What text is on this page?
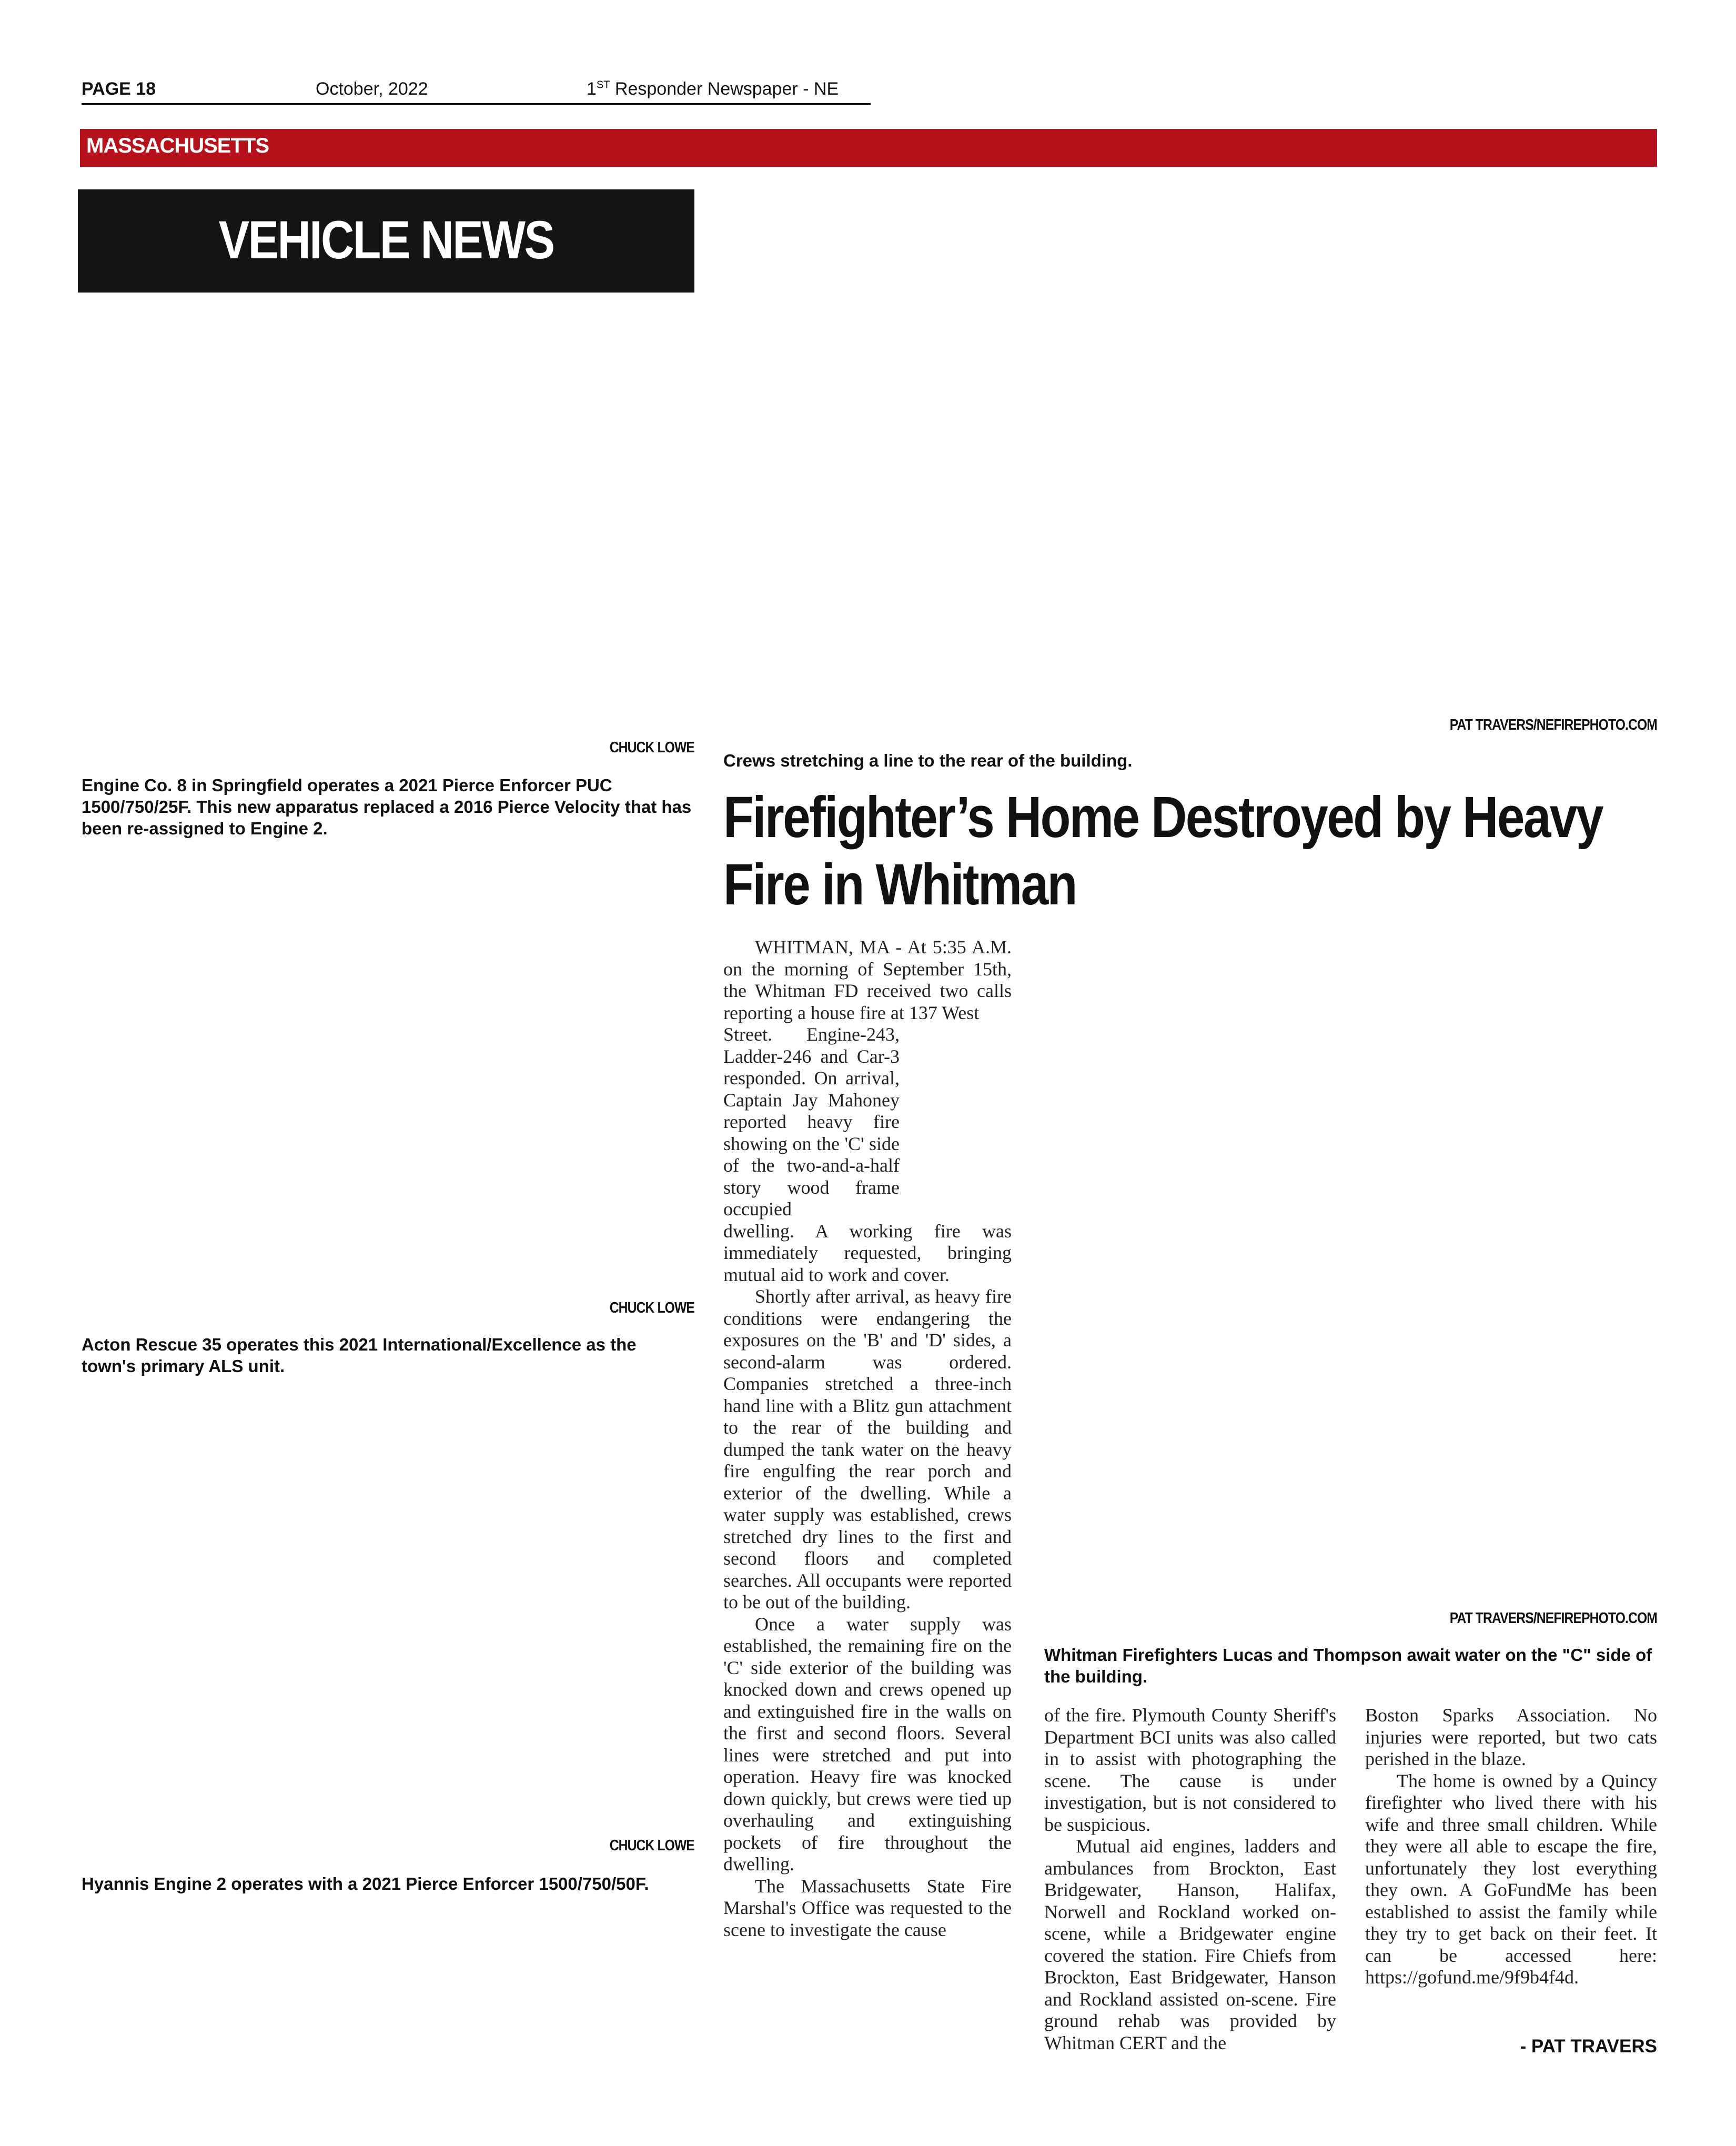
PAGE 18	October, 2022	1ST Responder Newspaper - NE
MASSACHUSETTS
VEHICLE NEWS
CHUCK LOWE
Engine Co. 8 in Springfield operates a 2021 Pierce Enforcer PUC 1500/750/25F. This new apparatus replaced a 2016 Pierce Velocity that has been re-assigned to Engine 2.
CHUCK LOWE
Acton Rescue 35 operates this 2021 International/Excellence as the town's primary ALS unit.
CHUCK LOWE
Hyannis Engine 2 operates with a 2021 Pierce Enforcer 1500/750/50F.
PAT TRAVERS/NEFIREPHOTO.COM
Crews stretching a line to the rear of the building.
Firefighter’s Home Destroyed by Heavy Fire in Whitman

WHITMAN, MA - At 5:35 A.M. on the morning of September 15th, the Whitman FD received two calls reporting a house fire at 137 West

Street. Engine-243, Ladder-246 and Car-3 responded. On arrival, Captain Jay Mahoney reported heavy fire showing on the 'C' side of the two-and-a-half story wood frame occupied
dwelling. A working fire was immediately requested, bringing mutual aid to work and cover.

Shortly after arrival, as heavy fire conditions were endangering the exposures on the 'B' and 'D' sides, a second-alarm was ordered. Companies stretched a three-inch hand line with a Blitz gun attachment to the rear of the building and dumped the tank water on the heavy fire engulfing the rear porch and exterior of the dwelling. While a water supply was established, crews stretched dry lines to the first and second floors and completed searches. All occupants were reported to be out of the building.

Once a water supply was established, the remaining fire on the 'C' side exterior of the building was knocked down and crews opened up and extinguished fire in the walls on the first and second floors. Several lines were stretched and put into operation. Heavy fire was knocked down quickly, but crews were tied up overhauling and extinguishing pockets of fire throughout the dwelling.

The Massachusetts State Fire Marshal's Office was requested to the scene to investigate the cause

PAT TRAVERS/NEFIREPHOTO.COM
Whitman Firefighters Lucas and Thompson await water on the "C" side of the building.
of the fire. Plymouth County Sheriff's Department BCI units was also called in to assist with photographing the scene. The cause is under investigation, but is not considered to be suspicious.

Mutual aid engines, ladders and ambulances from Brockton, East Bridgewater, Hanson, Halifax, Norwell and Rockland worked on-scene, while a Bridgewater engine covered the station. Fire Chiefs from Brockton, East Bridgewater, Hanson and Rockland assisted on-scene. Fire ground rehab was provided by Whitman CERT and the

Boston Sparks Association. No injuries were reported, but two cats perished in the blaze.

The home is owned by a Quincy firefighter who lived there with his wife and three small children. While they were all able to escape the fire, unfortunately they lost everything they own. A GoFundMe has been established to assist the family while they try to get back on their feet. It can be accessed here: https://gofund.me/9f9b4f4d.

- PAT TRAVERS
